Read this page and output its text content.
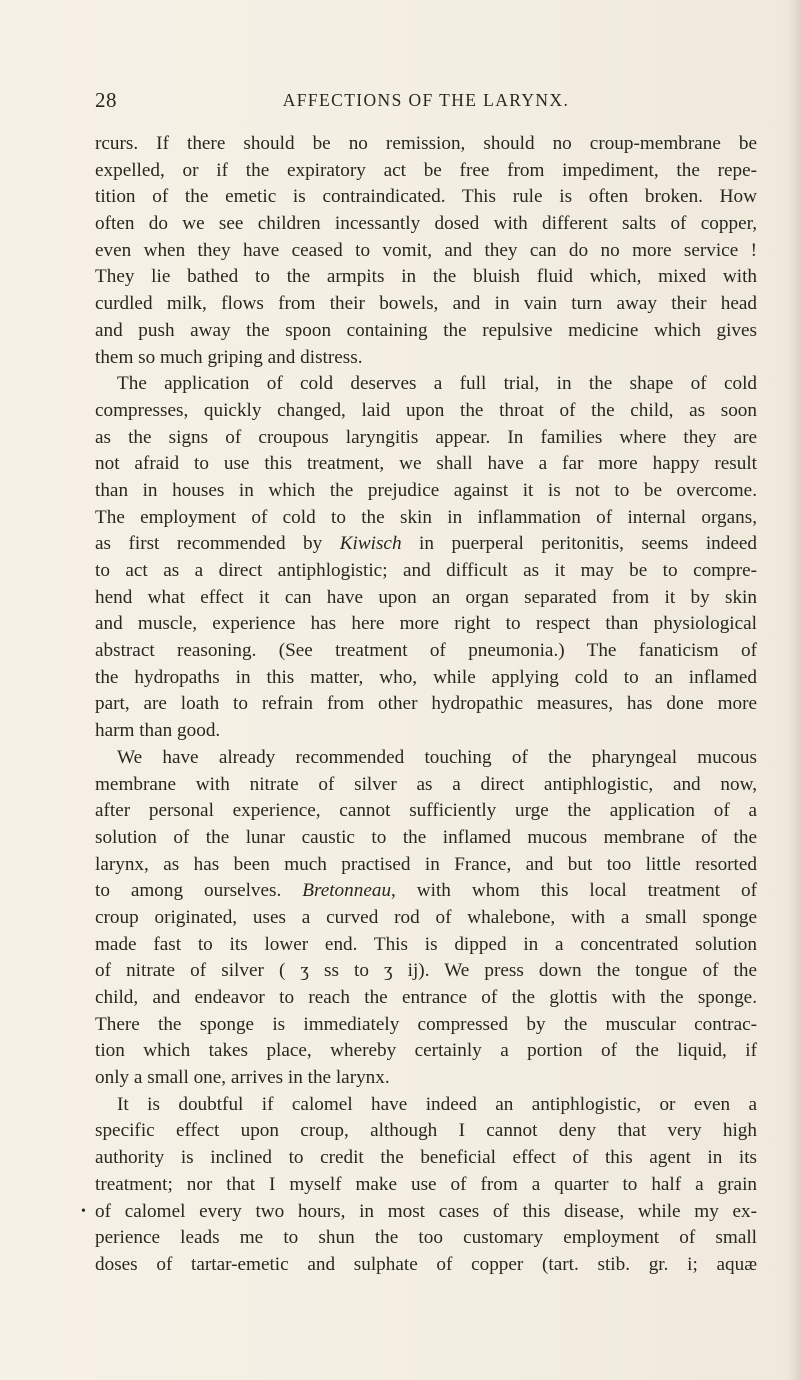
28	AFFECTIONS OF THE LARYNX.
rcurs. If there should be no remission, should no croup-membrane be
expelled, or if the expiratory act be free from impediment, the repe-
tition of the emetic is contraindicated. This rule is often broken. How
often do we see children incessantly dosed with different salts of copper,
even when they have ceased to vomit, and they can do no more service !
They lie bathed to the armpits in the bluish fluid which, mixed with
curdled milk, flows from their bowels, and in vain turn away their head
and push away the spoon containing the repulsive medicine which gives
them so much griping and distress.
The application of cold deserves a full trial, in the shape of cold
compresses, quickly changed, laid upon the throat of the child, as soon
as the signs of croupous laryngitis appear. In families where they are
not afraid to use this treatment, we shall have a far more happy result
than in houses in which the prejudice against it is not to be overcome.
The employment of cold to the skin in inflammation of internal organs,
as first recommended by Kiwisch in puerperal peritonitis, seems indeed
to act as a direct antiphlogistic; and difficult as it may be to compre-
hend what effect it can have upon an organ separated from it by skin
and muscle, experience has here more right to respect than physiological
abstract reasoning. (See treatment of pneumonia.) The fanaticism of
the hydropaths in this matter, who, while applying cold to an inflamed
part, are loath to refrain from other hydropathic measures, has done more
harm than good.
We have already recommended touching of the pharyngeal mucous
membrane with nitrate of silver as a direct antiphlogistic, and now,
after personal experience, cannot sufficiently urge the application of a
solution of the lunar caustic to the inflamed mucous membrane of the
larynx, as has been much practised in France, and but too little resorted
to among ourselves. Bretonneau, with whom this local treatment of
croup originated, uses a curved rod of whalebone, with a small sponge
made fast to its lower end. This is dipped in a concentrated solution
of nitrate of silver ( ʒ ss to ʒ ij). We press down the tongue of the
child, and endeavor to reach the entrance of the glottis with the sponge.
There the sponge is immediately compressed by the muscular contrac-
tion which takes place, whereby certainly a portion of the liquid, if
only a small one, arrives in the larynx.
It is doubtful if calomel have indeed an antiphlogistic, or even a
specific effect upon croup, although I cannot deny that very high
authority is inclined to credit the beneficial effect of this agent in its
treatment; nor that I myself make use of from a quarter to half a grain
• of calomel every two hours, in most cases of this disease, while my ex-
perience leads me to shun the too customary employment of small
doses of tartar-emetic and sulphate of copper (tart. stib. gr. i; aquæ
